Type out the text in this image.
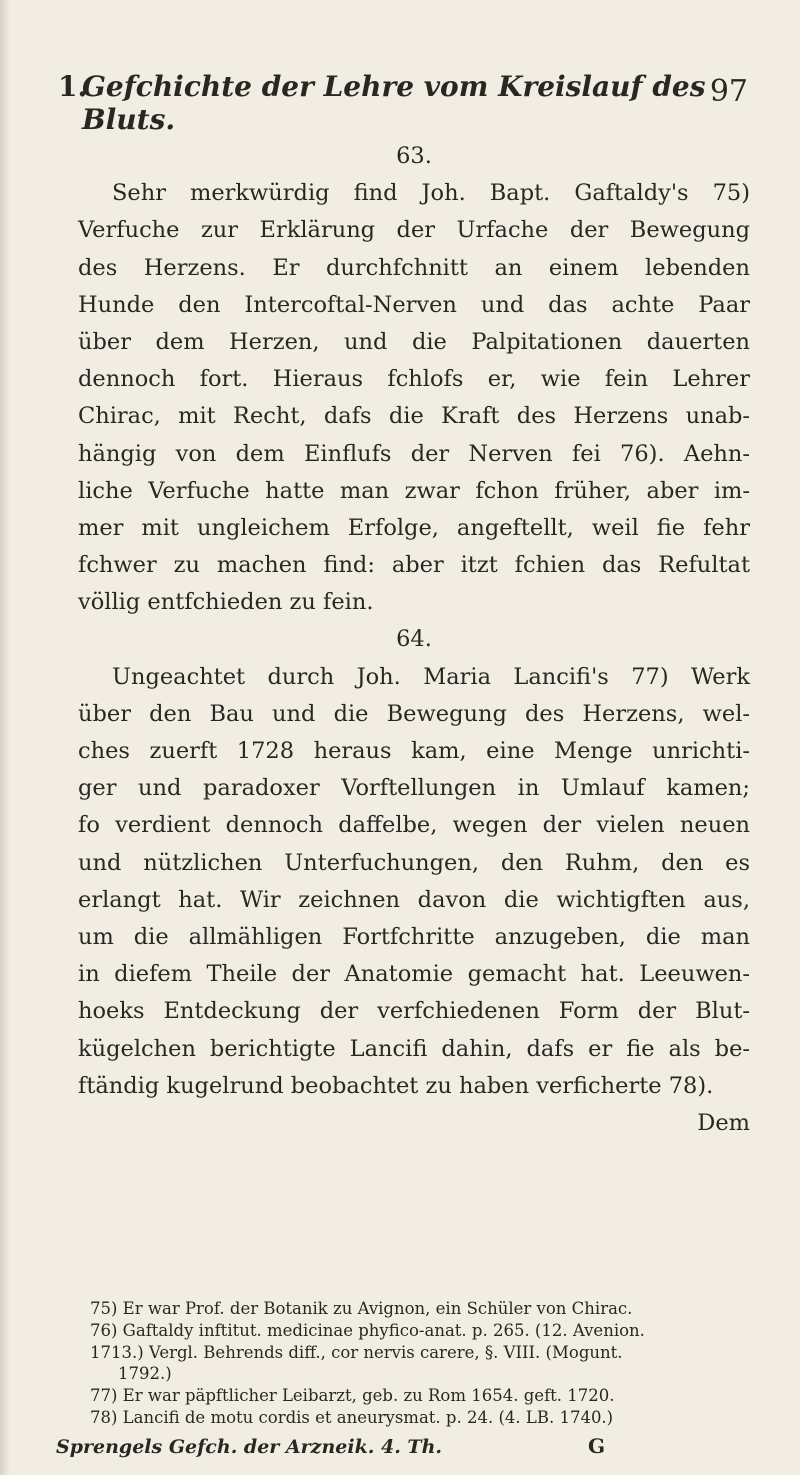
1.
Gefchichte der Lehre vom Kreislauf des Bluts.
97
63.
Sehr merkwürdig find Joh. Bapt. Gaftaldy's 75)
Verfuche zur Erklärung der Urfache der Bewegung
des Herzens. Er durchfchnitt an einem lebenden
Hunde den Intercoftal-Nerven und das achte Paar
über dem Herzen, und die Palpitationen dauerten
dennoch fort. Hieraus fchlofs er, wie fein Lehrer
Chirac, mit Recht, dafs die Kraft des Herzens unab-
hängig von dem Einflufs der Nerven fei 76). Aehn-
liche Verfuche hatte man zwar fchon früher, aber im-
mer mit ungleichem Erfolge, angeftellt, weil fie fehr
fchwer zu machen find: aber itzt fchien das Refultat
völlig entfchieden zu fein.
64.
Ungeachtet durch Joh. Maria Lancifi's 77) Werk
über den Bau und die Bewegung des Herzens, wel-
ches zuerft 1728 heraus kam, eine Menge unrichti-
ger und paradoxer Vorftellungen in Umlauf kamen;
fo verdient dennoch daffelbe, wegen der vielen neuen
und nützlichen Unterfuchungen, den Ruhm, den es
erlangt hat. Wir zeichnen davon die wichtigften aus,
um die allmähligen Fortfchritte anzugeben, die man
in diefem Theile der Anatomie gemacht hat. Leeuwen-
hoeks Entdeckung der verfchiedenen Form der Blut-
kügelchen berichtigte Lancifi dahin, dafs er fie als be-
ftändig kugelrund beobachtet zu haben verficherte 78).
Dem
75) Er war Prof. der Botanik zu Avignon, ein Schüler von Chirac.
76) Gaftaldy inftitut. medicinae phyfico-anat. p. 265. (12. Avenion.
1713.) Vergl. Behrends diff., cor nervis carere, §. VIII. (Mogunt.
1792.)
77) Er war päpftlicher Leibarzt, geb. zu Rom 1654. geft. 1720.
78) Lancifi de motu cordis et aneurysmat. p. 24. (4. LB. 1740.)
Sprengels Gefch. der Arzneik. 4. Th.	G
